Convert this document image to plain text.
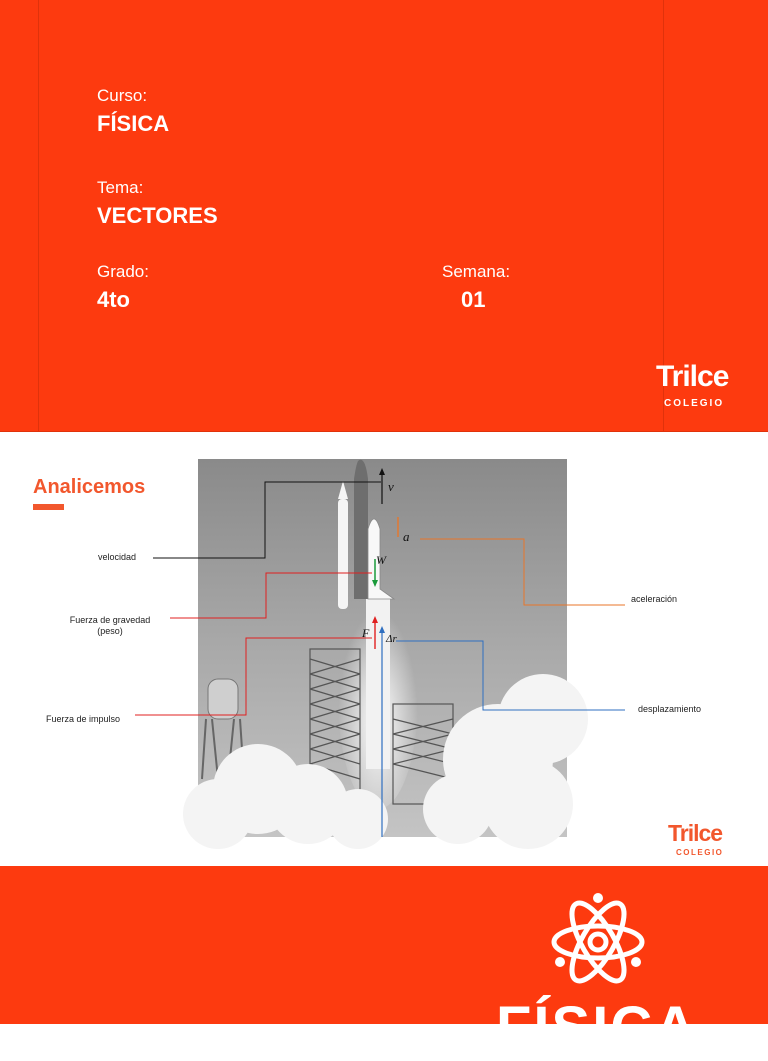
Curso:
FÍSICA
Tema:
VECTORES
Grado:
4to
Semana:
01
Trilce
COLEGIO
Analicemos	v
a
W
F Δr
velocidad
Fuerza de gravedad
(peso)
Fuerza de impulso
aceleración
desplazamiento
Trilce
COLEGIO
FÍSICA
